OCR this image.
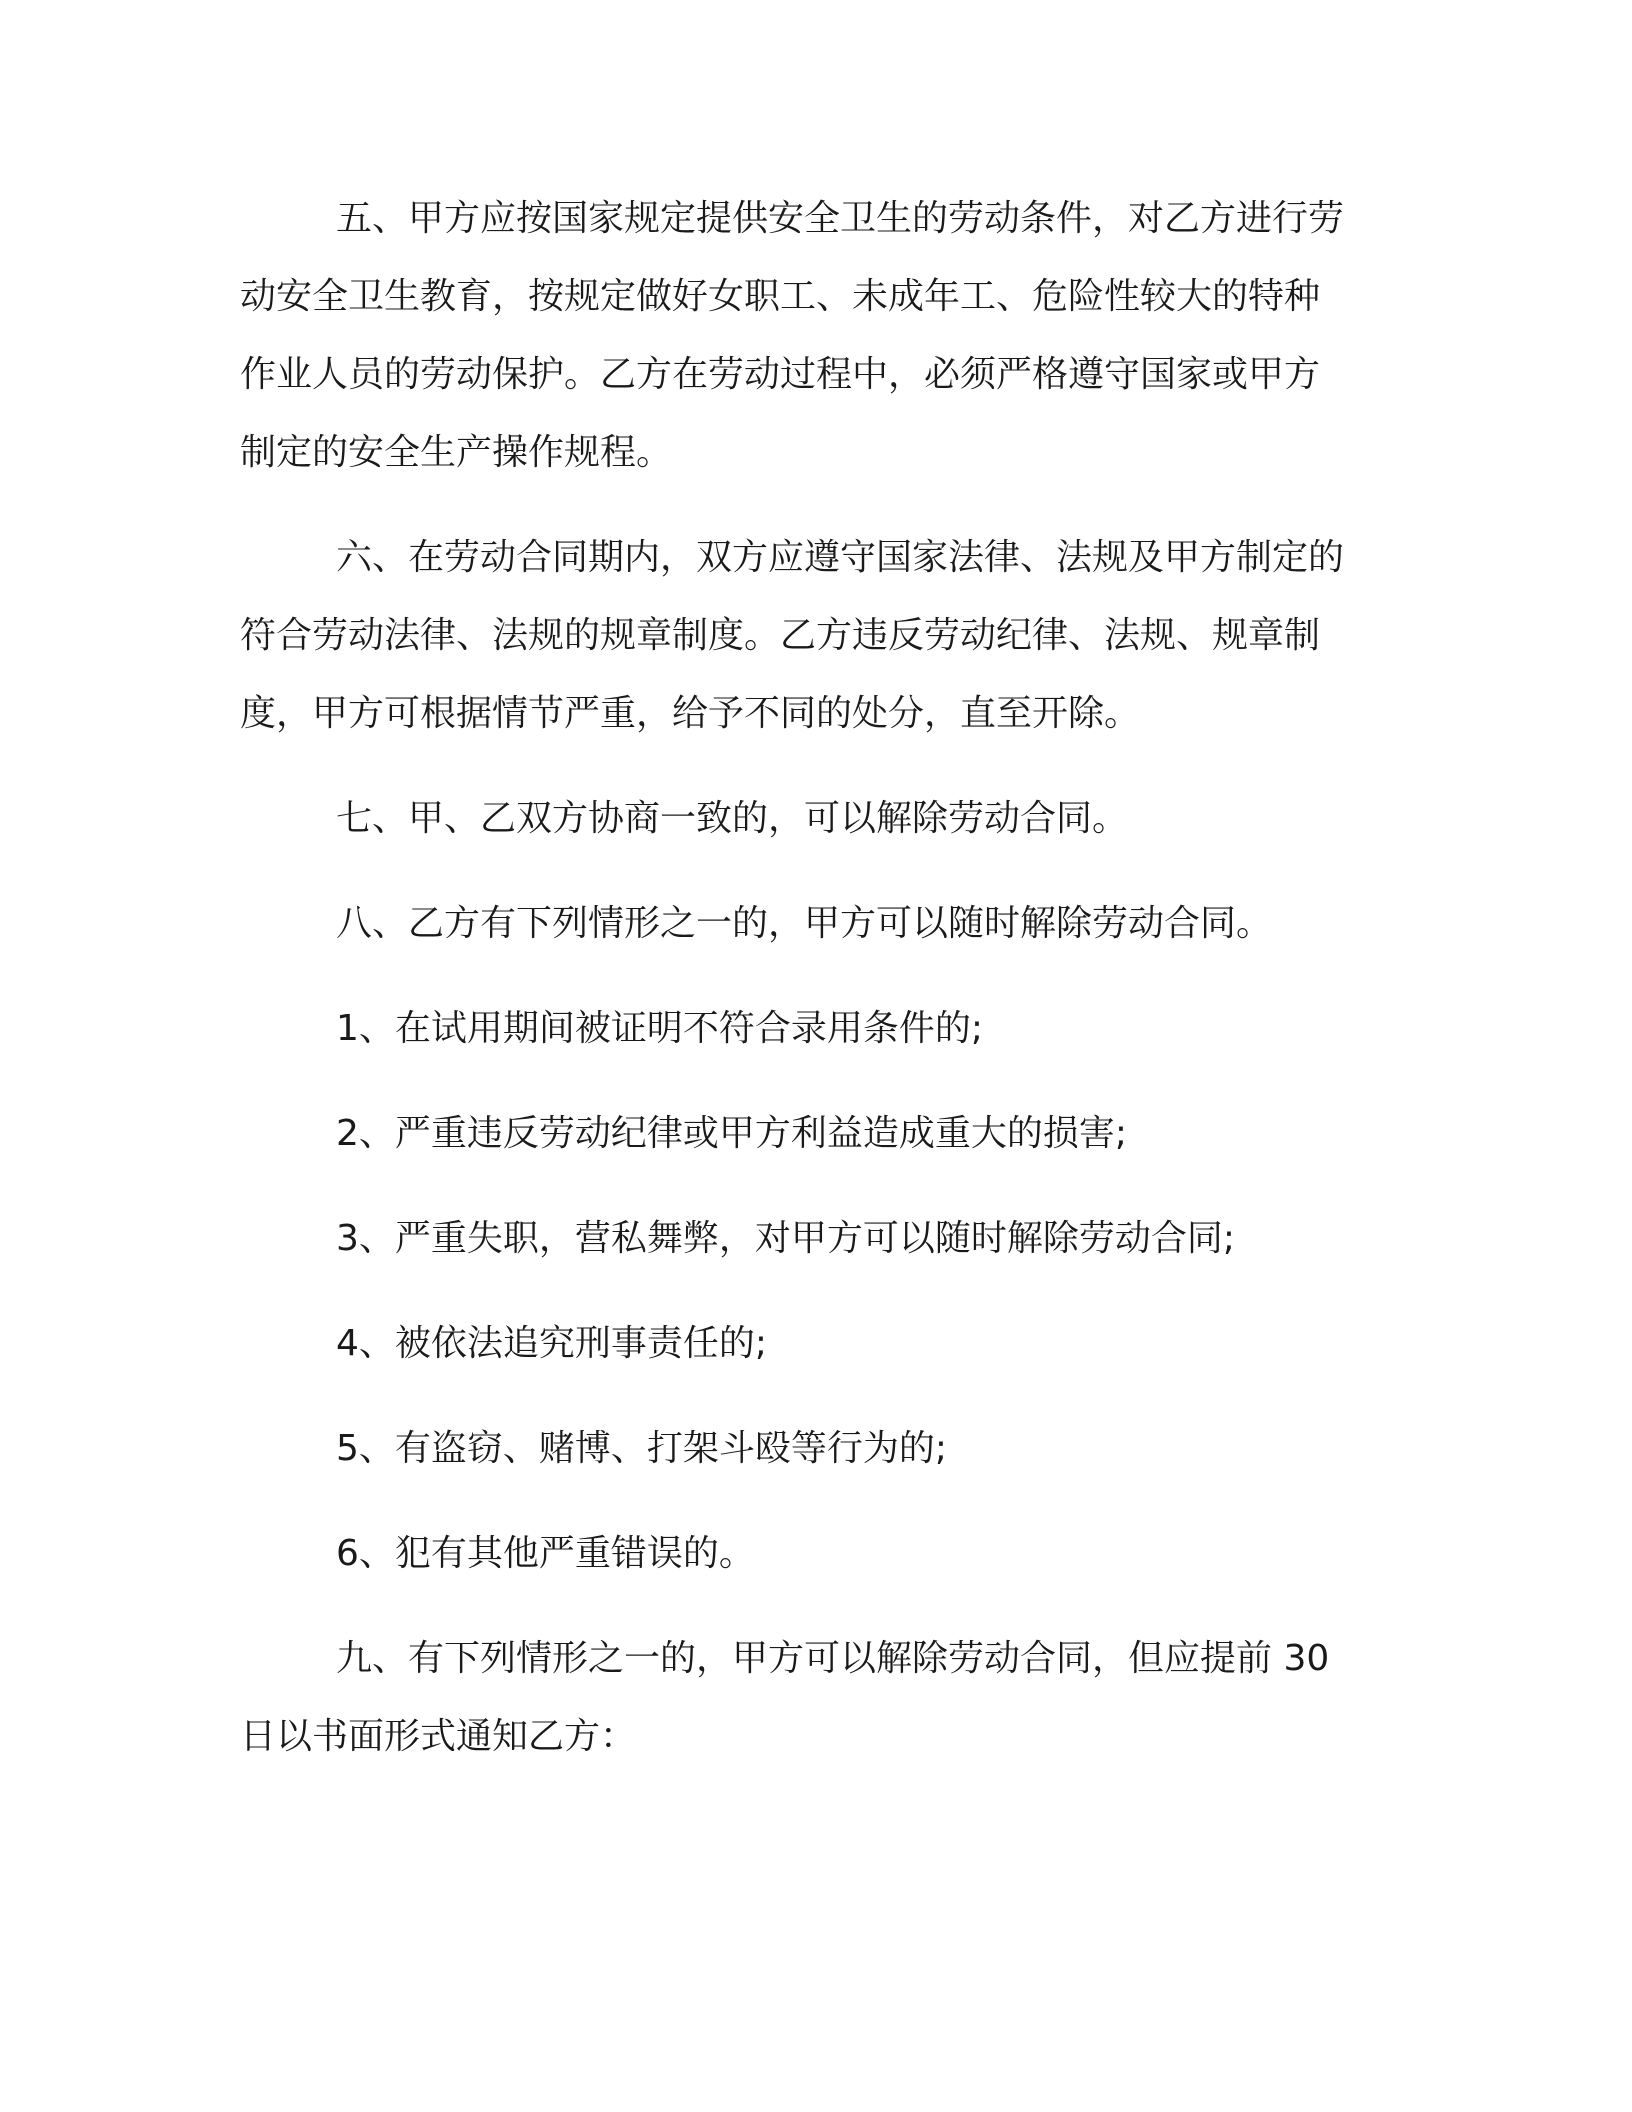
五、甲方应按国家规定提供安全卫生的劳动条件，对乙方进行劳
动安全卫生教育，按规定做好女职工、未成年工、危险性较大的特种
作业人员的劳动保护。乙方在劳动过程中，必须严格遵守国家或甲方
制定的安全生产操作规程。

六、在劳动合同期内，双方应遵守国家法律、法规及甲方制定的
符合劳动法律、法规的规章制度。乙方违反劳动纪律、法规、规章制
度，甲方可根据情节严重，给予不同的处分，直至开除。

七、甲、乙双方协商一致的，可以解除劳动合同。

八、乙方有下列情形之一的，甲方可以随时解除劳动合同。

1、在试用期间被证明不符合录用条件的;

2、严重违反劳动纪律或甲方利益造成重大的损害;

3、严重失职，营私舞弊，对甲方可以随时解除劳动合同;

4、被依法追究刑事责任的;

5、有盗窃、赌博、打架斗殴等行为的;

6、犯有其他严重错误的。

九、有下列情形之一的，甲方可以解除劳动合同，但应提前 30
日以书面形式通知乙方：
